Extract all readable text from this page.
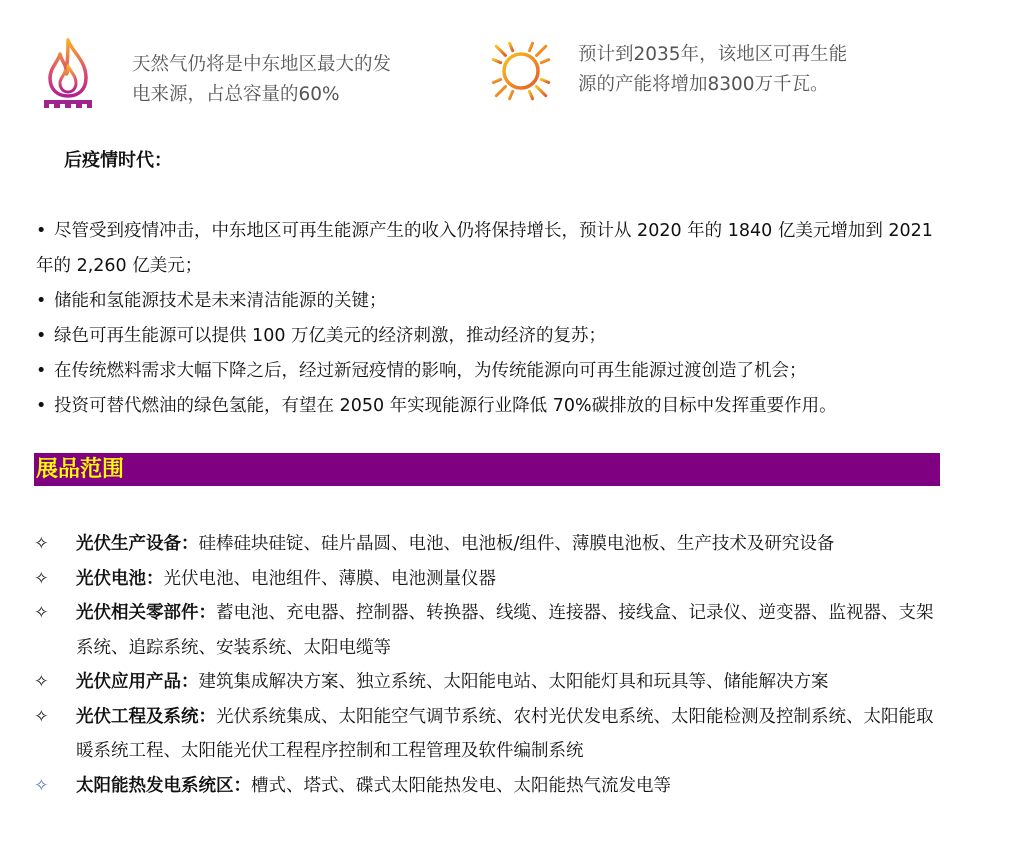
天然气仍将是中东地区最大的发
电来源，占总容量的60%
预计到2035年，该地区可再生能
源的产能将增加8300万千瓦。
后疫情时代：
• 尽管受到疫情冲击，中东地区可再生能源产生的收入仍将保持增长，预计从 2020 年的 1840 亿美元增加到 2021 年的 2,260 亿美元；
• 储能和氢能源技术是未来清洁能源的关键；
• 绿色可再生能源可以提供 100 万亿美元的经济刺激，推动经济的复苏；
• 在传统燃料需求大幅下降之后，经过新冠疫情的影响，为传统能源向可再生能源过渡创造了机会；
• 投资可替代燃油的绿色氢能，有望在 2050 年实现能源行业降低 70%碳排放的目标中发挥重要作用。
展品范围
✧	光伏生产设备：硅棒硅块硅锭、硅片晶圆、电池、电池板/组件、薄膜电池板、生产技术及研究设备
✧	光伏电池：光伏电池、电池组件、薄膜、电池测量仪器
✧	光伏相关零部件：蓄电池、充电器、控制器、转换器、线缆、连接器、接线盒、记录仪、逆变器、监视器、支架系统、追踪系统、安装系统、太阳电缆等
✧	光伏应用产品：建筑集成解决方案、独立系统、太阳能电站、太阳能灯具和玩具等、储能解决方案
✧	光伏工程及系统：光伏系统集成、太阳能空气调节系统、农村光伏发电系统、太阳能检测及控制系统、太阳能取暖系统工程、太阳能光伏工程程序控制和工程管理及软件编制系统
✧	太阳能热发电系统区：槽式、塔式、碟式太阳能热发电、太阳能热气流发电等
